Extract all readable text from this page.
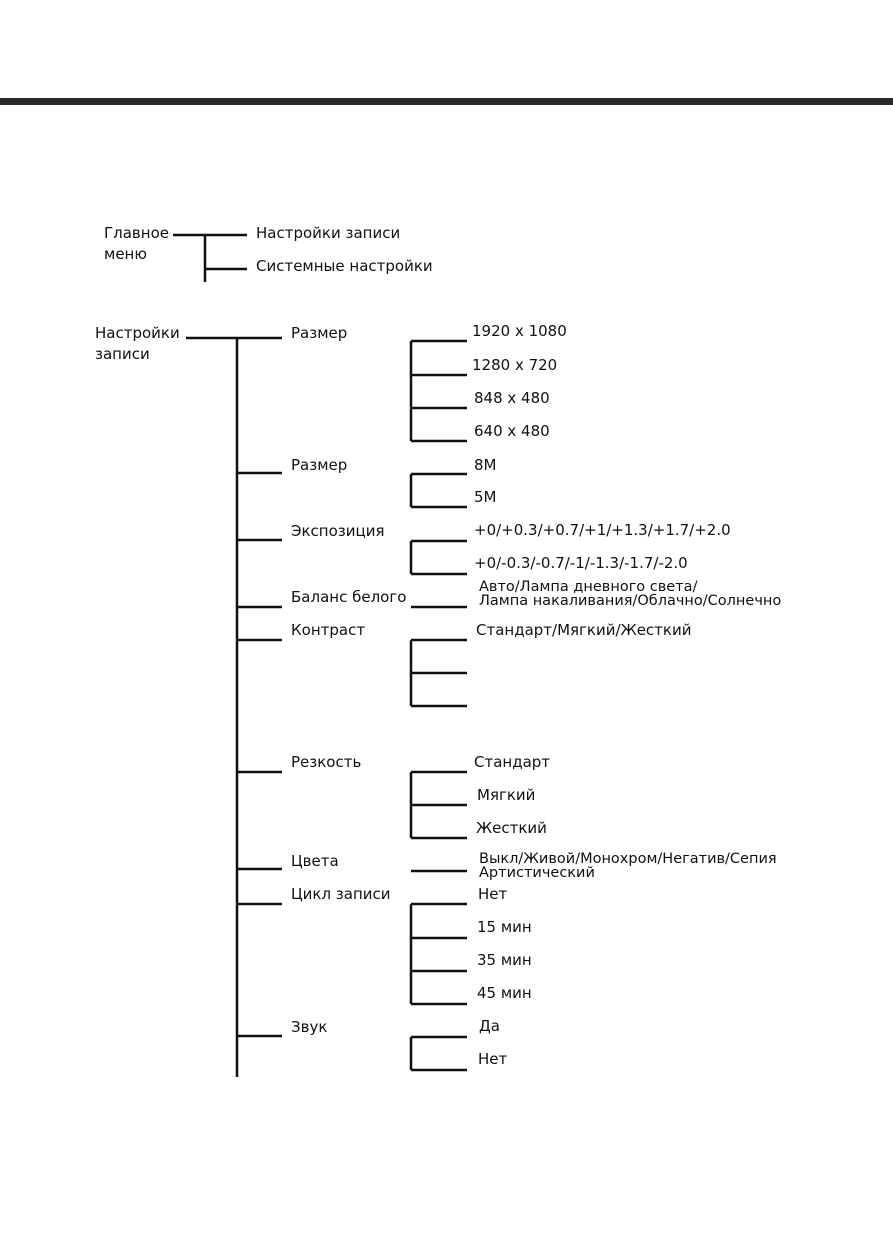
Главное
меню
Настройки записи
Системные настройки
Настройки
записи
Размер
Размер
Экспозиция
Баланс белого
Контраст
Резкость
Цвета
Цикл записи
Звук
1920 x 1080
1280 x 720
848 x 480
640 x 480
8M
5M
+0/+0.3/+0.7/+1/+1.3/+1.7/+2.0
+0/-0.3/-0.7/-1/-1.3/-1.7/-2.0
Авто/Лампа дневного света/
Лампа накаливания/Облачно/Солнечно
Стандарт/Мягкий/Жесткий
Стандарт
Мягкий
Жесткий
Выкл/Живой/Монохром/Негатив/Сепия
Артистический
Нет
15 мин
35 мин
45 мин
Да
Нет
